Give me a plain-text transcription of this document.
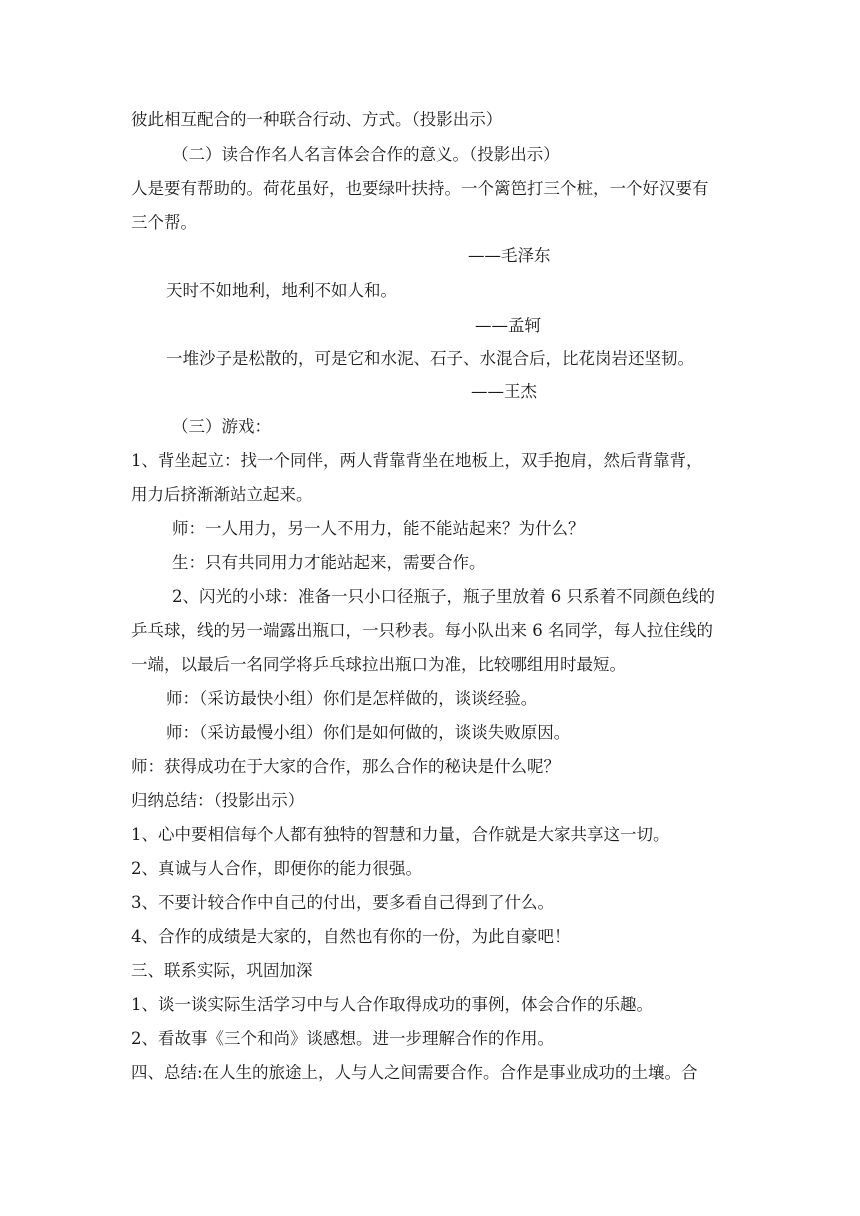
彼此相互配合的一种联合行动、方式。（投影出示）
（二）读合作名人名言体会合作的意义。（投影出示）
人是要有帮助的。荷花虽好，也要绿叶扶持。一个篱笆打三个桩，一个好汉要有
三个帮。
——毛泽东
天时不如地利，地利不如人和。
——孟轲
一堆沙子是松散的，可是它和水泥、石子、水混合后，比花岗岩还坚韧。
——王杰
（三）游戏：
1、背坐起立：找一个同伴，两人背靠背坐在地板上，双手抱肩，然后背靠背，
用力后挤渐渐站立起来。
师：一人用力，另一人不用力，能不能站起来？为什么？
生：只有共同用力才能站起来，需要合作。
2、闪光的小球：准备一只小口径瓶子，瓶子里放着 6 只系着不同颜色线的
乒乓球，线的另一端露出瓶口，一只秒表。每小队出来 6 名同学，每人拉住线的
一端，以最后一名同学将乒乓球拉出瓶口为准，比较哪组用时最短。
师：（采访最快小组）你们是怎样做的，谈谈经验。
师：（采访最慢小组）你们是如何做的，谈谈失败原因。
师：获得成功在于大家的合作，那么合作的秘诀是什么呢？
归纳总结：（投影出示）
1、心中要相信每个人都有独特的智慧和力量，合作就是大家共享这一切。
2、真诚与人合作，即便你的能力很强。
3、不要计较合作中自己的付出，要多看自己得到了什么。
4、合作的成绩是大家的，自然也有你的一份，为此自豪吧！
三、联系实际，巩固加深
1、谈一谈实际生活学习中与人合作取得成功的事例，体会合作的乐趣。
2、看故事《三个和尚》谈感想。进一步理解合作的作用。
四、总结:在人生的旅途上，人与人之间需要合作。合作是事业成功的土壤。合
